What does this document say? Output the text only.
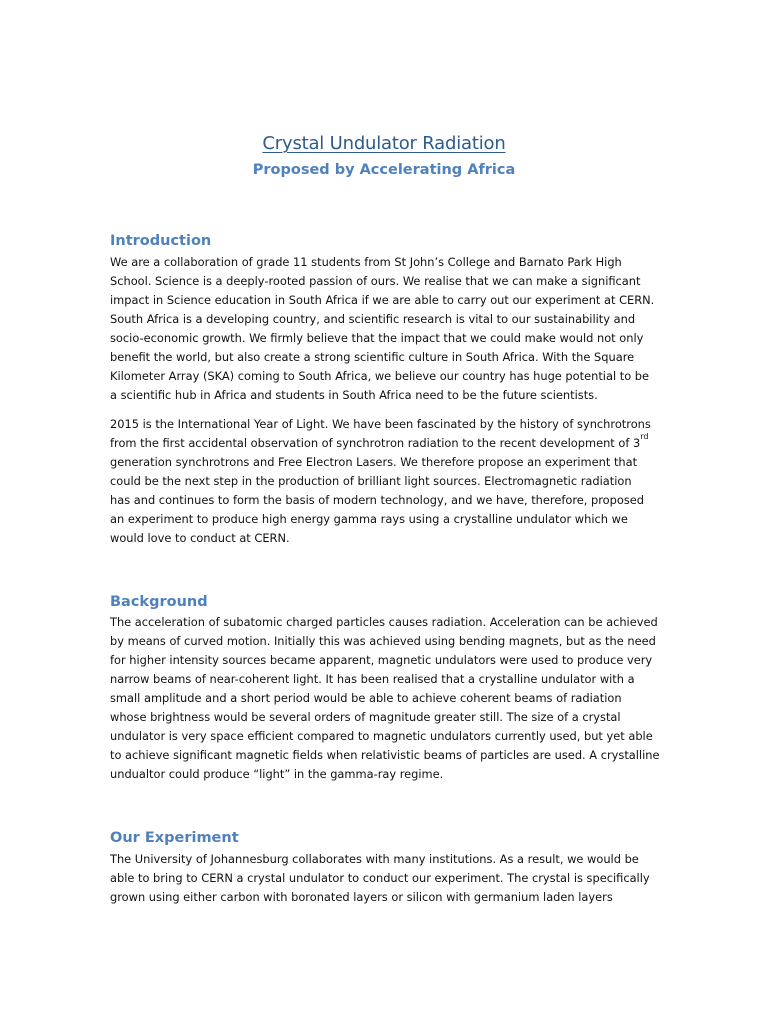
Crystal Undulator Radiation
Proposed by Accelerating Africa
Introduction
We are a collaboration of grade 11 students from St John’s College and Barnato Park High
School. Science is a deeply-rooted passion of ours. We realise that we can make a significant
impact in Science education in South Africa if we are able to carry out our experiment at CERN.
South Africa is a developing country, and scientific research is vital to our sustainability and
socio-economic growth. We firmly believe that the impact that we could make would not only
benefit the world, but also create a strong scientific culture in South Africa. With the Square
Kilometer Array (SKA) coming to South Africa, we believe our country has huge potential to be
a scientific hub in Africa and students in South Africa need to be the future scientists.
2015 is the International Year of Light. We have been fascinated by the history of synchrotrons
from the first accidental observation of synchrotron radiation to the recent development of 3rd
generation synchrotrons and Free Electron Lasers. We therefore propose an experiment that
could be the next step in the production of brilliant light sources. Electromagnetic radiation
has and continues to form the basis of modern technology, and we have, therefore, proposed
an experiment to produce high energy gamma rays using a crystalline undulator which we
would love to conduct at CERN.
Background
The acceleration of subatomic charged particles causes radiation. Acceleration can be achieved
by means of curved motion. Initially this was achieved using bending magnets, but as the need
for higher intensity sources became apparent, magnetic undulators were used to produce very
narrow beams of near-coherent light. It has been realised that a crystalline undulator with a
small amplitude and a short period would be able to achieve coherent beams of radiation
whose brightness would be several orders of magnitude greater still. The size of a crystal
undulator is very space efficient compared to magnetic undulators currently used, but yet able
to achieve significant magnetic fields when relativistic beams of particles are used. A crystalline
undualtor could produce “light” in the gamma-ray regime.
Our Experiment
The University of Johannesburg collaborates with many institutions. As a result, we would be
able to bring to CERN a crystal undulator to conduct our experiment. The crystal is specifically
grown using either carbon with boronated layers or silicon with germanium laden layers
